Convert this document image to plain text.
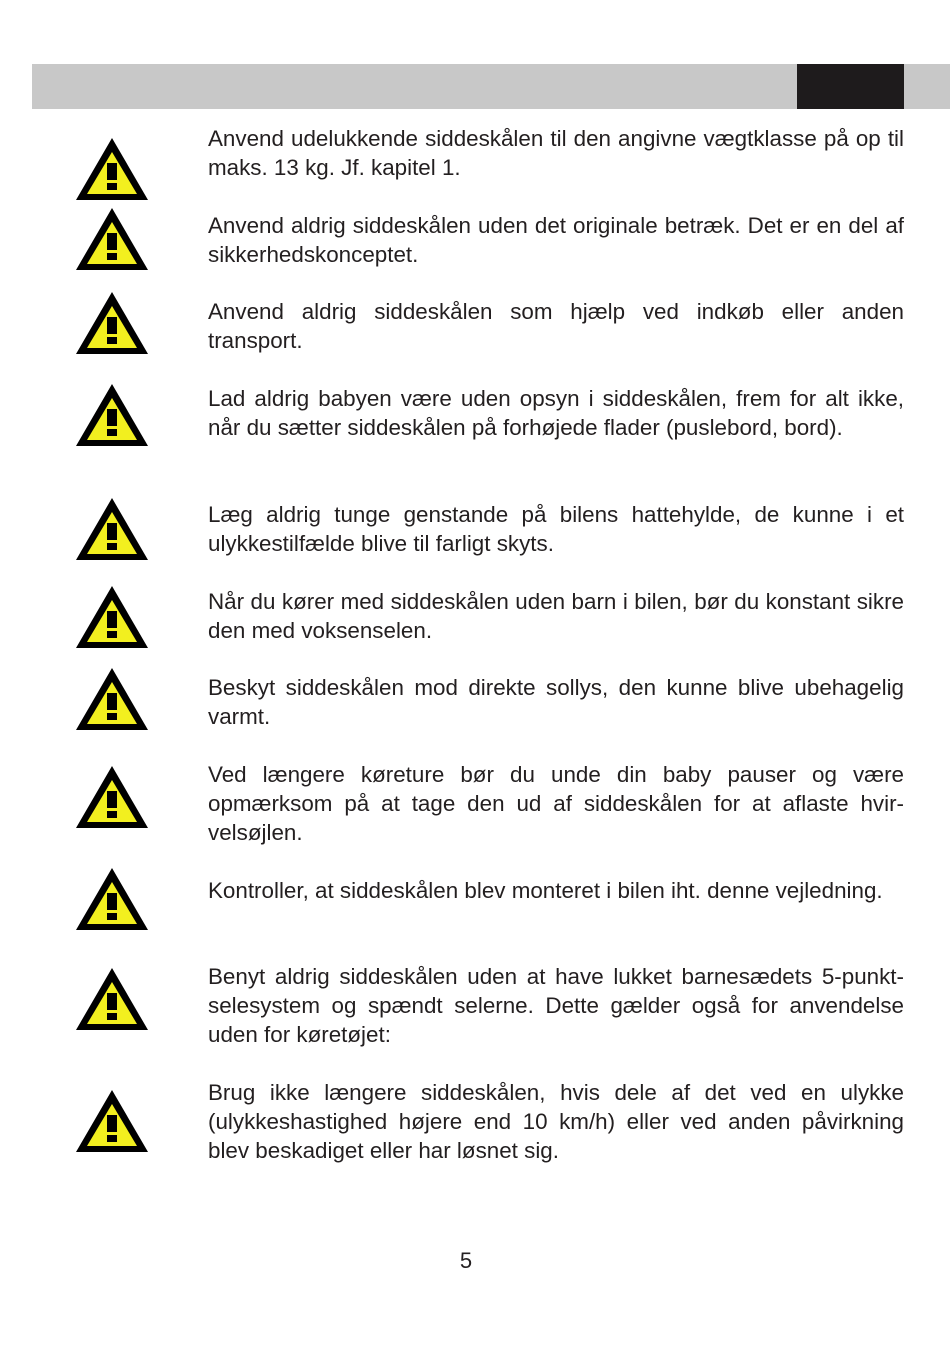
Anvend udelukkende siddeskålen til den angivne vægtklasse på op til maks. 13 kg. Jf. kapitel 1.

Anvend aldrig siddeskålen uden det originale betræk. Det er en del af sikkerhedskonceptet.

Anvend aldrig siddeskålen som hjælp ved indkøb eller anden transport.

Lad aldrig babyen være uden opsyn i siddeskålen, frem for alt ikke, når du sætter siddeskålen på forhøjede flader (puslebord, bord).

Læg aldrig tunge genstande på bilens hattehylde, de kunne i et ulykkestilfælde blive til farligt skyts.

Når du kører med siddeskålen uden barn i bilen, bør du konstant sikre den med voksenselen.

Beskyt siddeskålen mod direkte sollys, den kunne blive ubehagelig varmt.

Ved længere køreture bør du unde din baby pauser og være opmærksom på at tage den ud af siddeskålen for at aflaste hvirvelsøjlen.

Kontroller, at siddeskålen blev monteret i bilen iht. denne vejledning.

Benyt aldrig siddeskålen uden at have lukket barnesædets 5-punkt-selesystem og spændt selerne. Dette gælder også for anvendelse uden for køretøjet:

Brug ikke længere siddeskålen, hvis dele af det ved en ulykke (ulykkeshastighed højere end 10 km/h) eller ved anden påvirkning blev beskadiget eller har løsnet sig.

5
